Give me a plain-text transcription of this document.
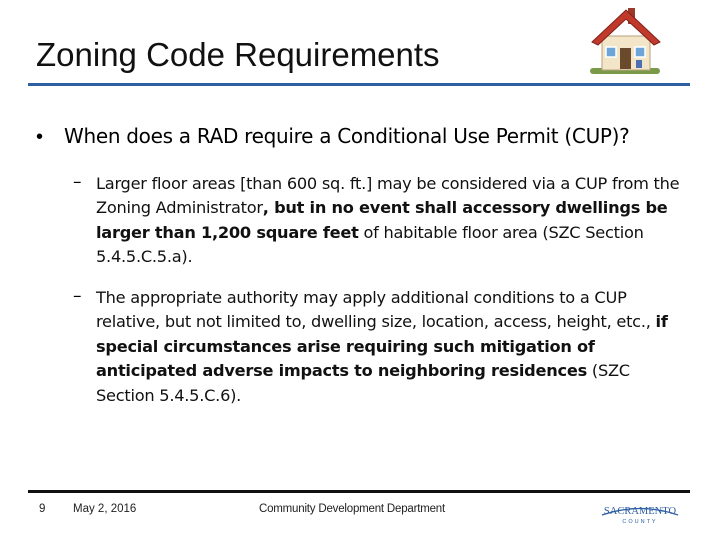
Zoning Code Requirements
• When does a RAD require a Conditional Use Permit (CUP)?
– Larger floor areas [than 600 sq. ft.] may be considered via a CUP from the Zoning Administrator, but in no event shall accessory dwellings be larger than 1,200 square feet of habitable floor area (SZC Section 5.4.5.C.5.a).
– The appropriate authority may apply additional conditions to a CUP relative, but not limited to, dwelling size, location, access, height, etc., if special circumstances arise requiring such mitigation of anticipated adverse impacts to neighboring residences (SZC Section 5.4.5.C.6).
9 May 2, 2016	Community Development Department	SACRAMENTO
COUNTY
